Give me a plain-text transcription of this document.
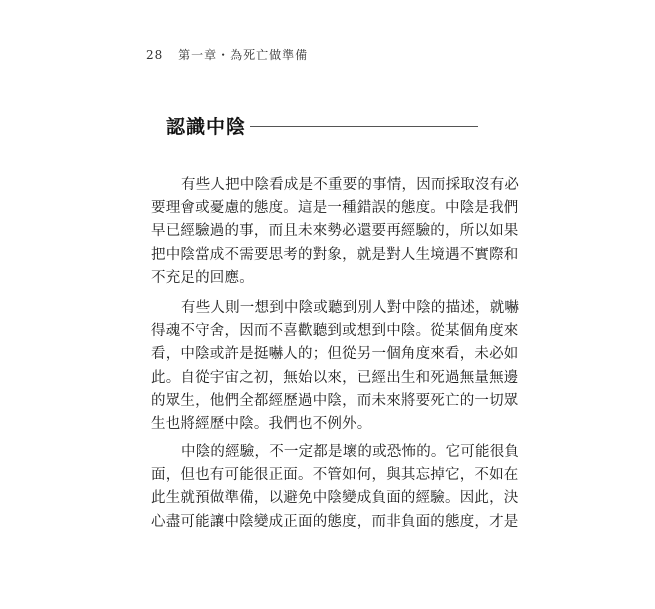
28 第一章・為死亡做準備
認識中陰
有些人把中陰看成是不重要的事情，因而採取沒有必
要理會或憂慮的態度。這是一種錯誤的態度。中陰是我們
早已經驗過的事，而且未來勢必還要再經驗的，所以如果
把中陰當成不需要思考的對象，就是對人生境遇不實際和
不充足的回應。
有些人則一想到中陰或聽到別人對中陰的描述，就嚇
得魂不守舍，因而不喜歡聽到或想到中陰。從某個角度來
看，中陰或許是挺嚇人的；但從另一個角度來看，未必如
此。自從宇宙之初，無始以來，已經出生和死過無量無邊
的眾生，他們全都經歷過中陰，而未來將要死亡的一切眾
生也將經歷中陰。我們也不例外。
中陰的經驗，不一定都是壞的或恐怖的。它可能很負
面，但也有可能很正面。不管如何，與其忘掉它，不如在
此生就預做準備，以避免中陰變成負面的經驗。因此，決
心盡可能讓中陰變成正面的態度，而非負面的態度，才是
